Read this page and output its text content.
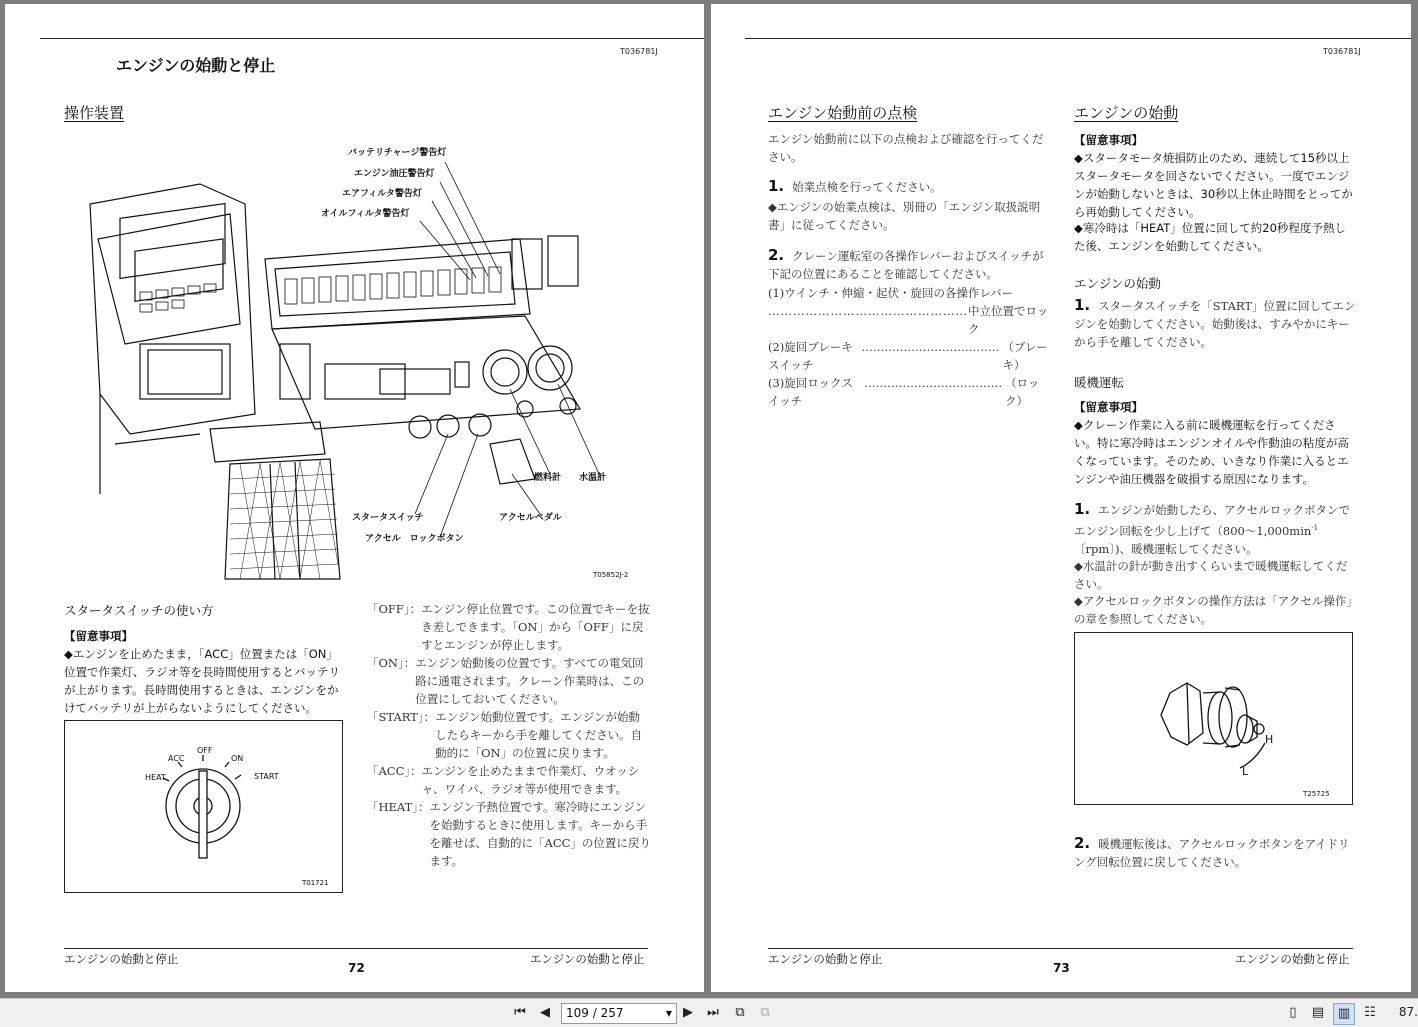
T036781J
エンジンの始動と停止
操作装置
バッテリチャージ警告灯
エンジン油圧警告灯
エアフィルタ警告灯
オイルフィルタ警告灯
燃料計 水温計
スタータスイッチ	アクセルペダル
アクセル　ロックボタン
T05852J-2
スタータスイッチの使い方
【留意事項】
◆エンジンを止めたまま，「ACC」位置または「ON」位置で作業灯、ラジオ等を長時間使用するとバッテリが上がります。長時間使用するときは、エンジンをかけてバッテリが上がらないようにしてください。
HEAT
ACC
OFF
ON
START
T01721
「OFF」： エンジン停止位置です。この位置でキーを抜き差しできます。「ON」から「OFF」に戻すとエンジンが停止します。
「ON」： エンジン始動後の位置です。すべての電気回路に通電されます。クレーン作業時は、この位置にしておいてください。
「START」： エンジン始動位置です。エンジンが始動したらキーから手を離してください。自動的に「ON」の位置に戻ります。
「ACC」： エンジンを止めたままで作業灯、ウオッシャ、ワイパ、ラジオ等が使用できます。
「HEAT」： エンジン予熱位置です。寒冷時にエンジンを始動するときに使用します。キーから手を離せば、自動的に「ACC」の位置に戻ります。
エンジンの始動と停止	エンジンの始動と停止
72
T036781J
エンジン始動前の点検
エンジン始動前に以下の点検および確認を行ってください。
1. 始業点検を行ってください。
◆エンジンの始業点検は、別冊の「エンジン取扱説明書」に従ってください。
2. クレーン運転室の各操作レバーおよびスイッチが下記の位置にあることを確認してください。
(1)ウインチ・伸縮・起伏・旋回の各操作レバー
………………………………………… 中立位置でロック
(2)旋回ブレーキスイッチ
……………………………… （ブレーキ）
(3)旋回ロックスイッチ
……………………………… （ロック）
エンジンの始動
【留意事項】
◆スタータモータ焼損防止のため、連続して15秒以上スタータモータを回さないでください。一度でエンジンが始動しないときは、30秒以上休止時間をとってから再始動してください。
◆寒冷時は「HEAT」位置に回して約20秒程度予熱した後、エンジンを始動してください。
エンジンの始動
1. スタータスイッチを「START」位置に回してエンジンを始動してください。始動後は、すみやかにキーから手を離してください。
暖機運転
【留意事項】
◆クレーン作業に入る前に暖機運転を行ってください。特に寒冷時はエンジンオイルや作動油の粘度が高くなっています。そのため、いきなり作業に入るとエンジンや油圧機器を破損する原因になります。
1. エンジンが始動したら、アクセルロックボタンでエンジン回転を少し上げて（$800\sim 1,000\min^{-1}$〔rpm〕)、暖機運転してください。
◆水温計の針が動き出すくらいまで暖機運転してください。
◆アクセルロックボタンの操作方法は「アクセル操作」の章を参照してください。
L
H
T25725
2. 暖機運転後は、アクセルロックボタンをアイドリング回転位置に戻してください。
エンジンの始動と停止	エンジンの始動と停止
73
⏮	◀	109 / 257	▼ ▶	⏭	⧉	⧉	▯	▤	▥	☷	87.
